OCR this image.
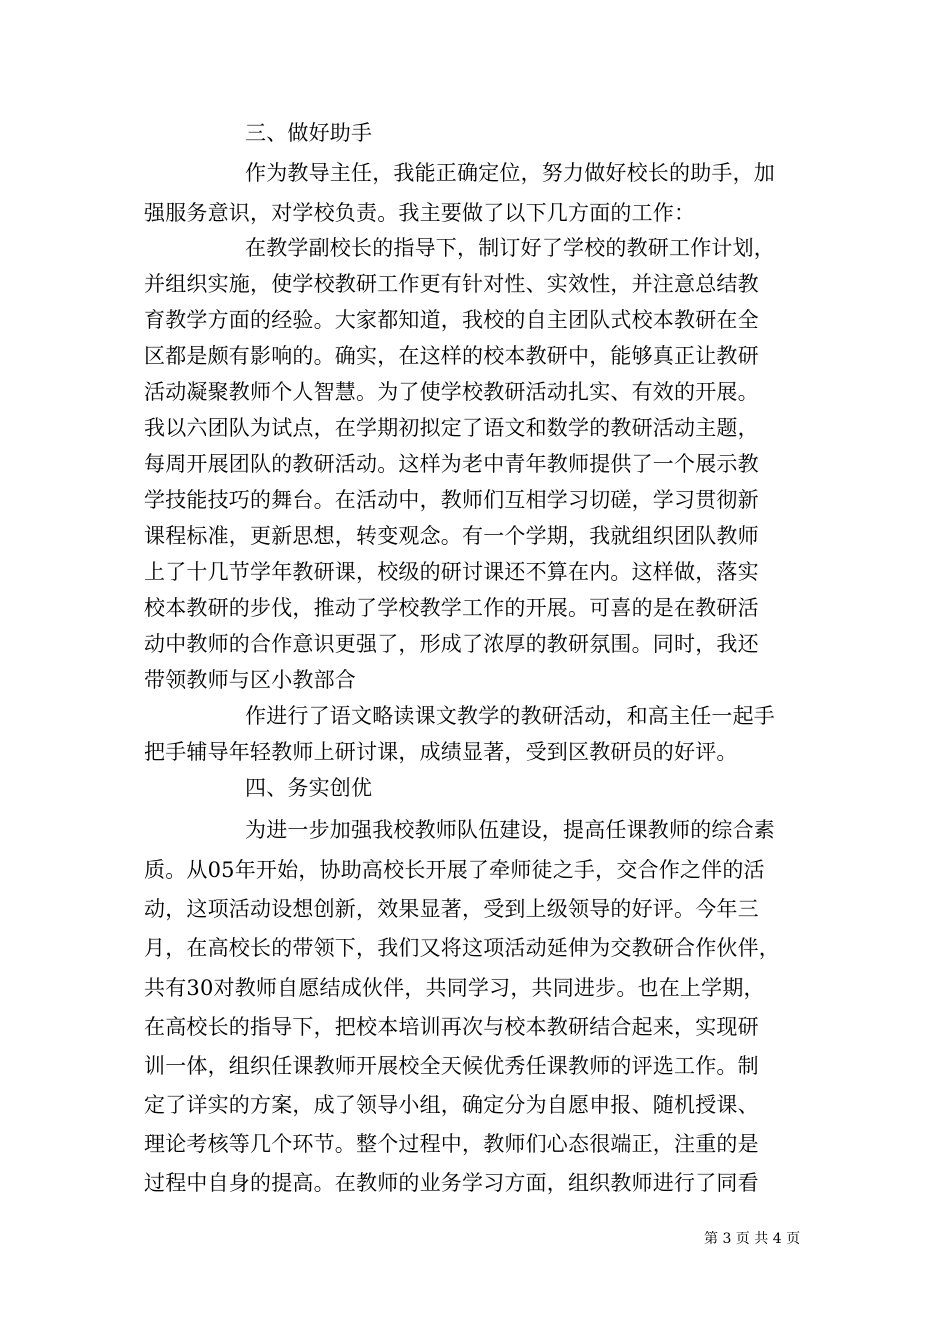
三、做好助手
作为教导主任，我能正确定位，努力做好校长的助手，加
强服务意识，对学校负责。我主要做了以下几方面的工作：
在教学副校长的指导下，制订好了学校的教研工作计划，
并组织实施，使学校教研工作更有针对性、实效性，并注意总结教
育教学方面的经验。大家都知道，我校的自主团队式校本教研在全
区都是颇有影响的。确实，在这样的校本教研中，能够真正让教研
活动凝聚教师个人智慧。为了使学校教研活动扎实、有效的开展。
我以六团队为试点，在学期初拟定了语文和数学的教研活动主题，
每周开展团队的教研活动。这样为老中青年教师提供了一个展示教
学技能技巧的舞台。在活动中，教师们互相学习切磋，学习贯彻新
课程标准，更新思想，转变观念。有一个学期，我就组织团队教师
上了十几节学年教研课，校级的研讨课还不算在内。这样做，落实
校本教研的步伐，推动了学校教学工作的开展。可喜的是在教研活
动中教师的合作意识更强了，形成了浓厚的教研氛围。同时，我还
带领教师与区小教部合
作进行了语文略读课文教学的教研活动，和高主任一起手
把手辅导年轻教师上研讨课，成绩显著，受到区教研员的好评。
四、务实创优
为进一步加强我校教师队伍建设，提高任课教师的综合素
质。从05年开始，协助高校长开展了牵师徒之手，交合作之伴的活
动，这项活动设想创新，效果显著，受到上级领导的好评。今年三
月，在高校长的带领下，我们又将这项活动延伸为交教研合作伙伴，
共有30对教师自愿结成伙伴，共同学习，共同进步。也在上学期，
在高校长的指导下，把校本培训再次与校本教研结合起来，实现研
训一体，组织任课教师开展校全天候优秀任课教师的评选工作。制
定了详实的方案，成了领导小组，确定分为自愿申报、随机授课、
理论考核等几个环节。整个过程中，教师们心态很端正，注重的是
过程中自身的提高。在教师的业务学习方面，组织教师进行了同看
第 3 页 共 4 页
